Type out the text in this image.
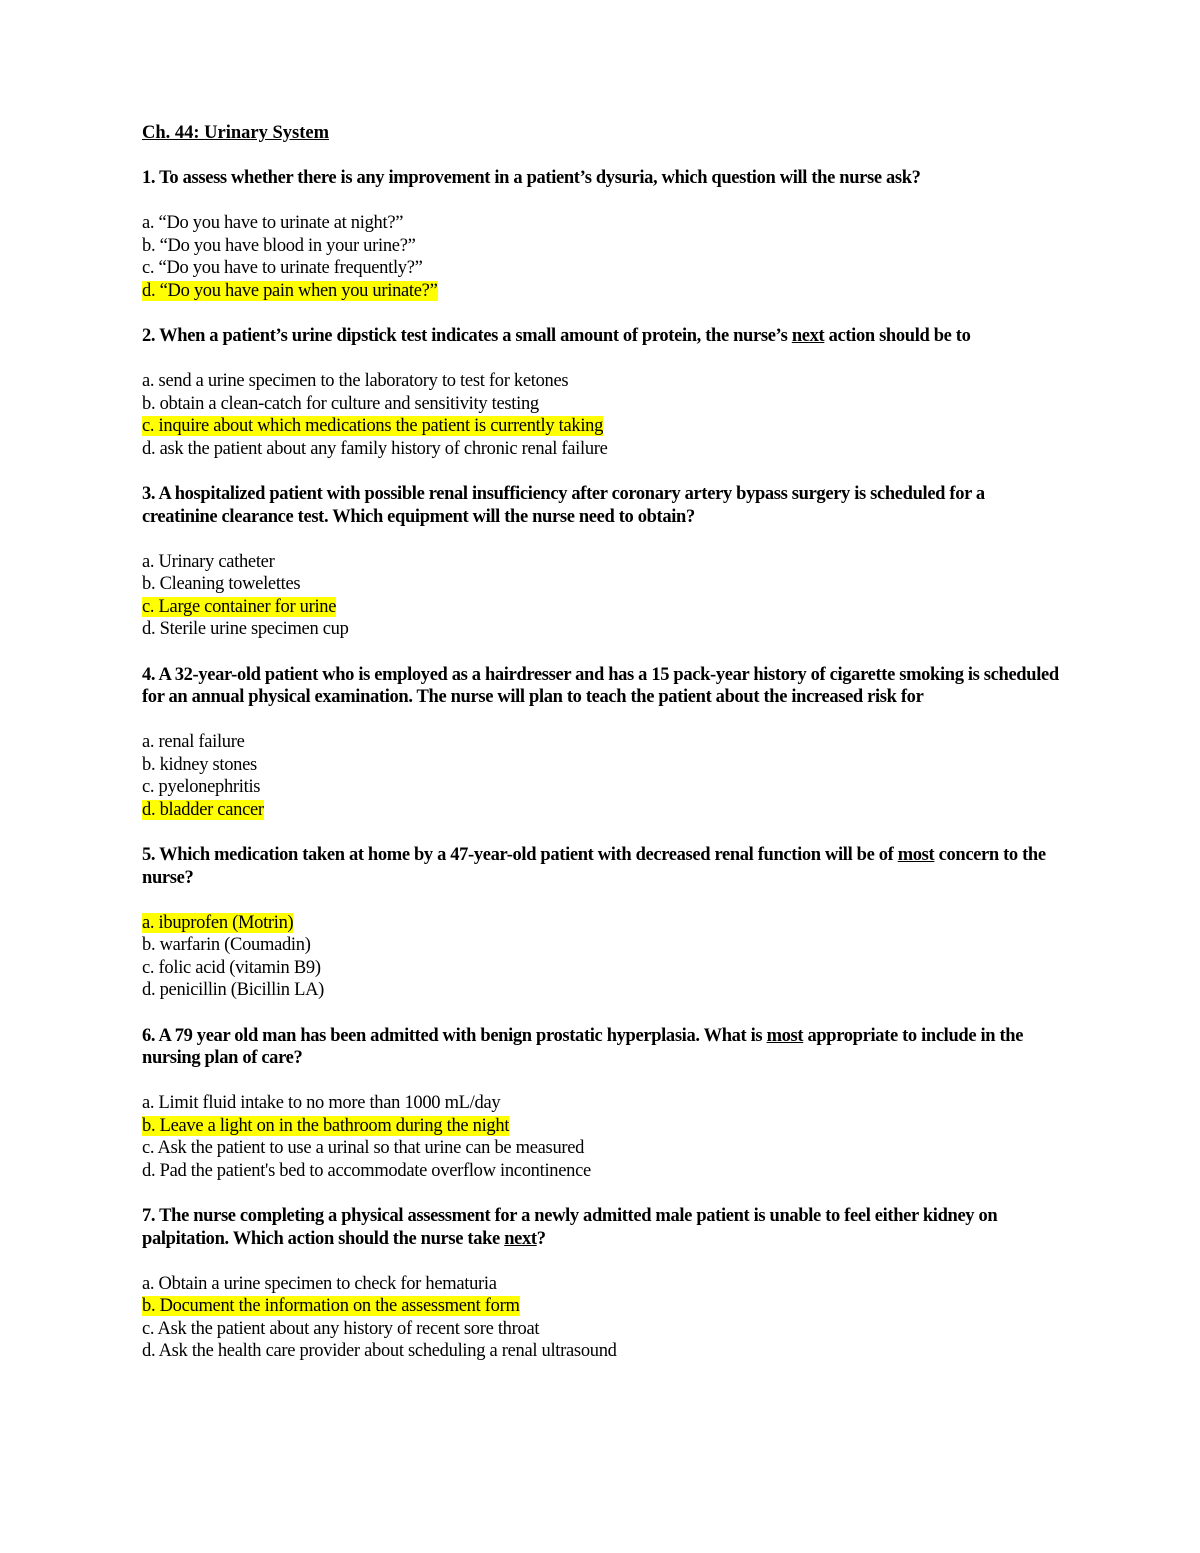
Ch. 44: Urinary System
1. To assess whether there is any improvement in a patient’s dysuria, which question will the nurse ask?
a. “Do you have to urinate at night?”
b. “Do you have blood in your urine?”
c. “Do you have to urinate frequently?”
d. “Do you have pain when you urinate?”
2. When a patient’s urine dipstick test indicates a small amount of protein, the nurse’s next action should be to
a. send a urine specimen to the laboratory to test for ketones
b. obtain a clean-catch for culture and sensitivity testing
c. inquire about which medications the patient is currently taking
d. ask the patient about any family history of chronic renal failure
3. A hospitalized patient with possible renal insufficiency after coronary artery bypass surgery is scheduled for a creatinine clearance test. Which equipment will the nurse need to obtain?
a. Urinary catheter
b. Cleaning towelettes
c. Large container for urine
d. Sterile urine specimen cup
4. A 32-year-old patient who is employed as a hairdresser and has a 15 pack-year history of cigarette smoking is scheduled for an annual physical examination. The nurse will plan to teach the patient about the increased risk for
a. renal failure
b. kidney stones
c. pyelonephritis
d. bladder cancer
5. Which medication taken at home by a 47-year-old patient with decreased renal function will be of most concern to the nurse?
a. ibuprofen (Motrin)
b. warfarin (Coumadin)
c. folic acid (vitamin B9)
d. penicillin (Bicillin LA)
6. A 79 year old man has been admitted with benign prostatic hyperplasia. What is most appropriate to include in the nursing plan of care?
a. Limit fluid intake to no more than 1000 mL/day
b. Leave a light on in the bathroom during the night
c. Ask the patient to use a urinal so that urine can be measured
d. Pad the patient's bed to accommodate overflow incontinence
7. The nurse completing a physical assessment for a newly admitted male patient is unable to feel either kidney on palpitation. Which action should the nurse take next?
a. Obtain a urine specimen to check for hematuria
b. Document the information on the assessment form
c. Ask the patient about any history of recent sore throat
d. Ask the health care provider about scheduling a renal ultrasound
